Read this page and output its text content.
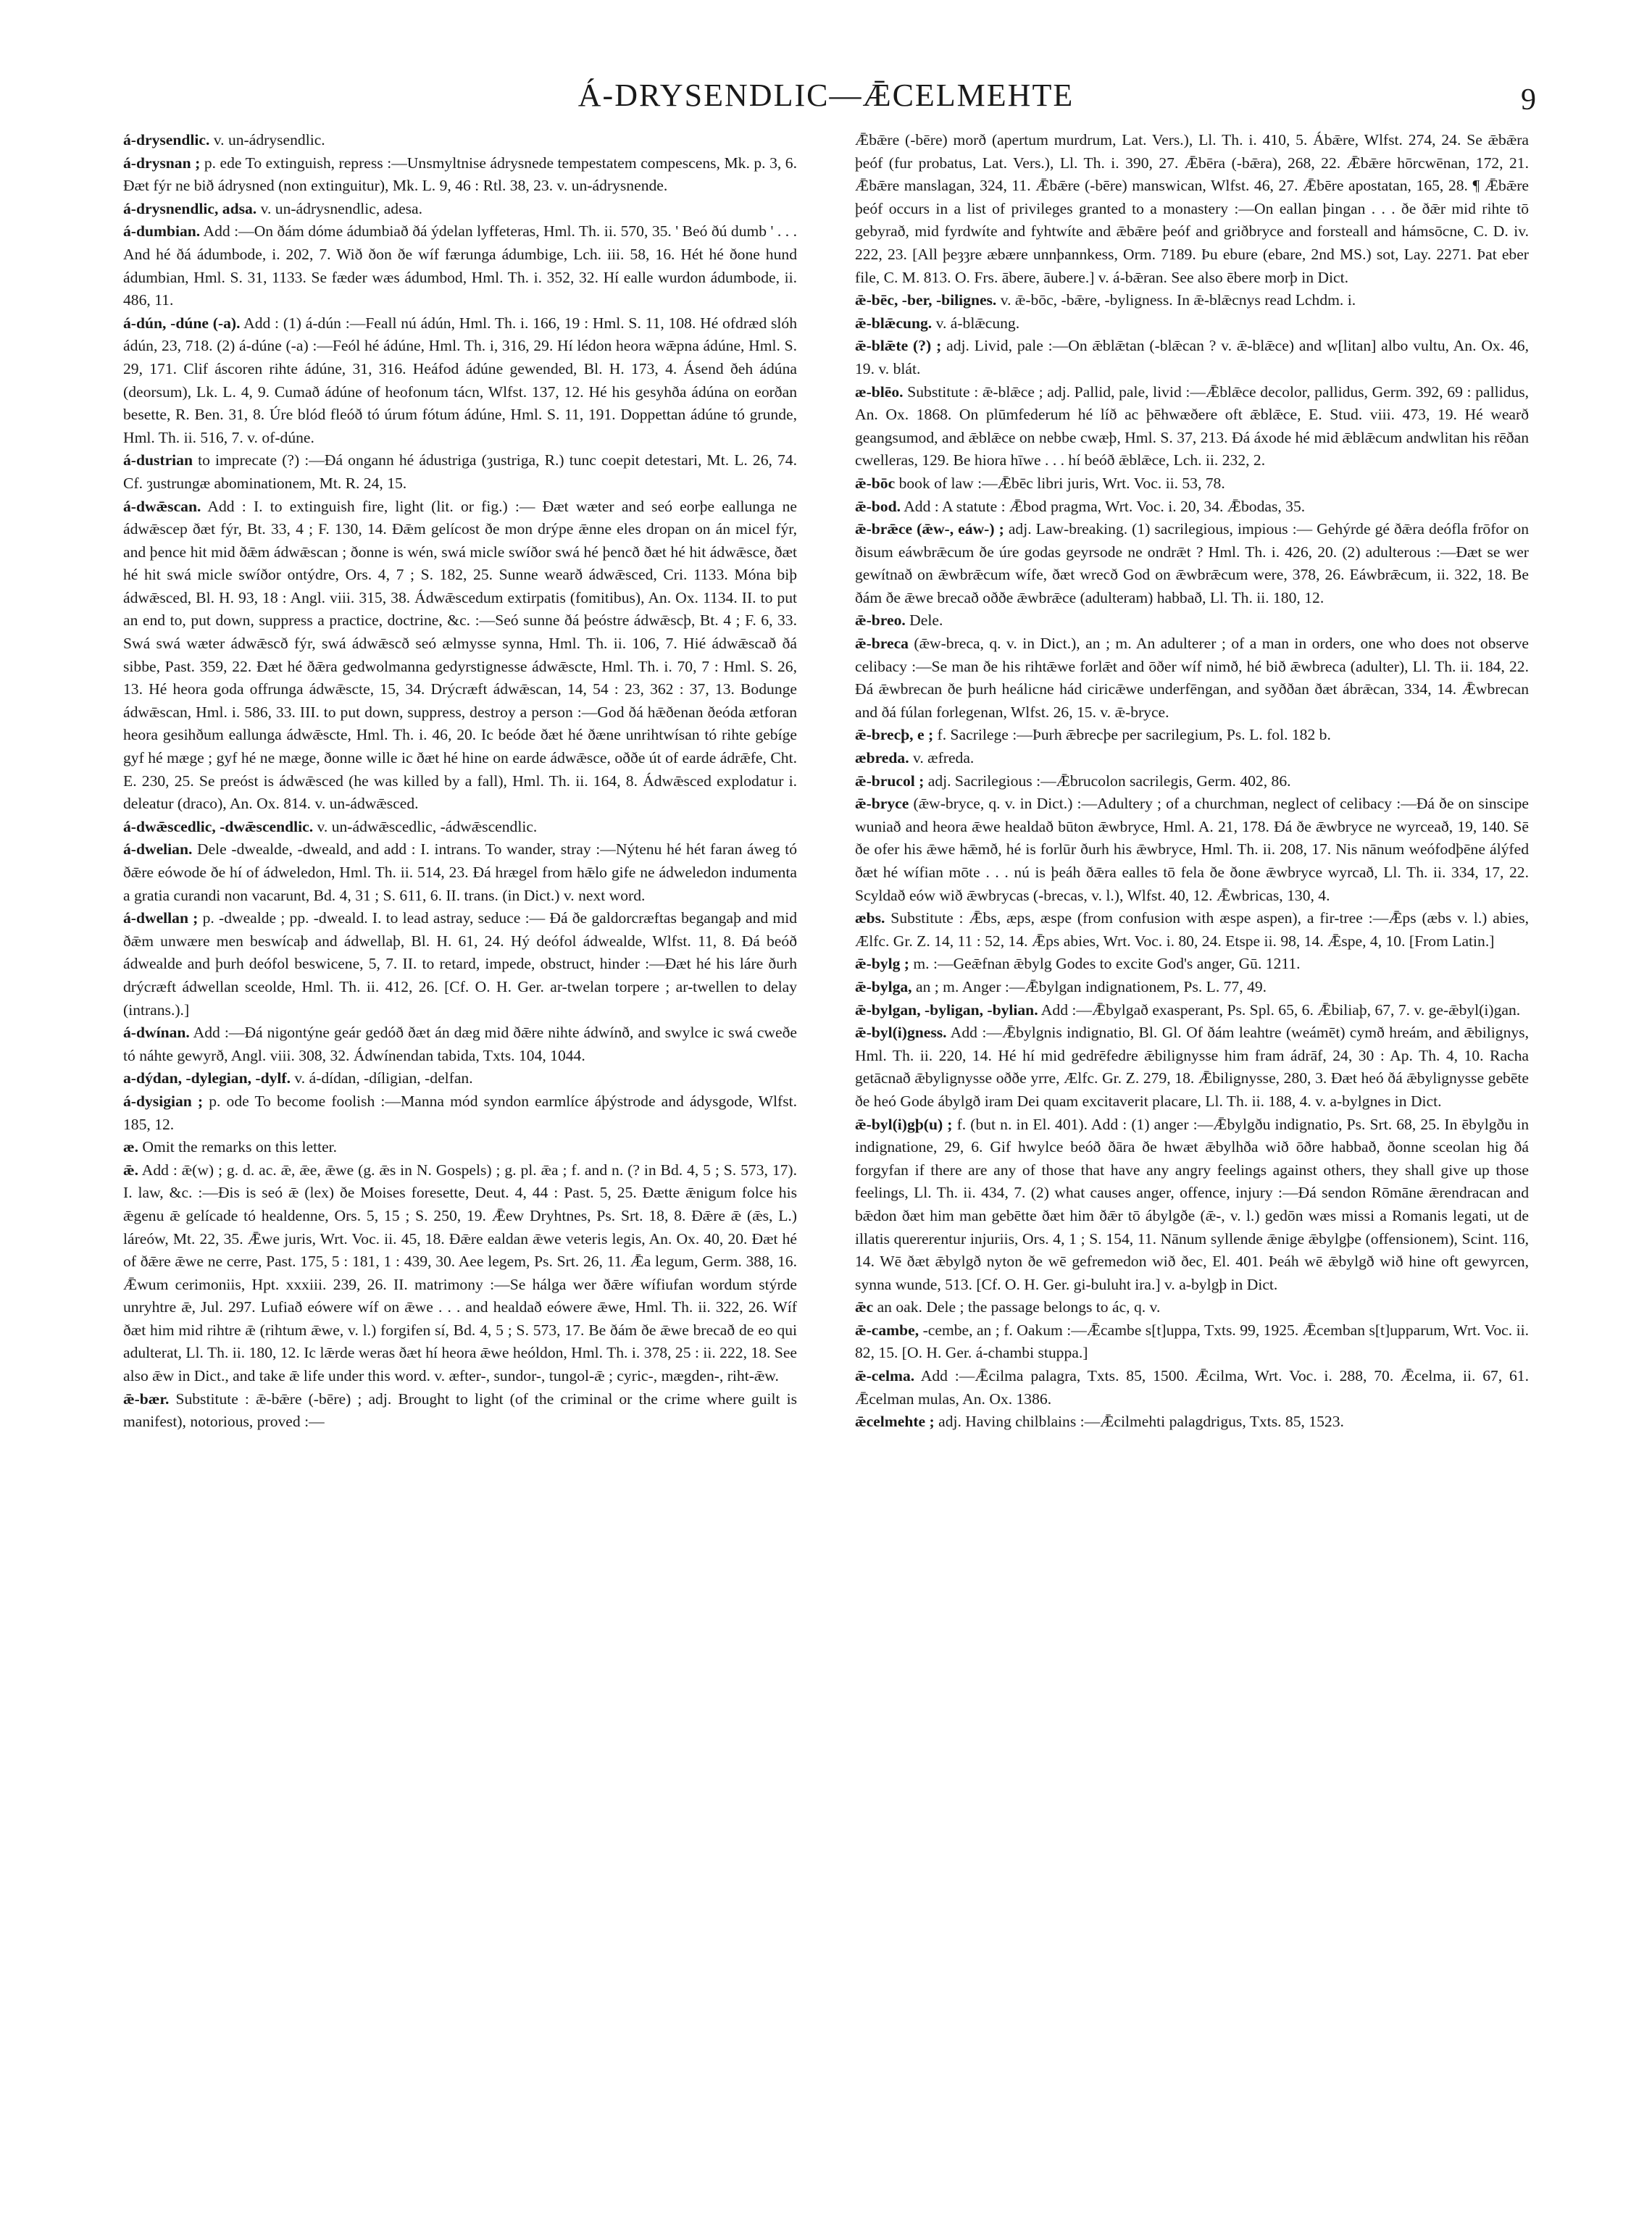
Á-DRYSENDLIC—ǢCELMEHTE	9

á-drysendlic. v. un-ádrysendlic.

á-drysnan ; p. ede To extinguish, repress :—Unsmyltnise ádrysnede tempestatem compescens, Mk. p. 3, 6. Ðæt fýr ne bið ádrysned (non extinguitur), Mk. L. 9, 46 : Rtl. 38, 23. v. un-ádrysnende.

á-drysnendlic, adsa. v. un-ádrysnendlic, adesa.

á-dumbian. Add :—On ðám dóme ádumbiað ðá ýdelan lyffeteras, Hml. Th. ii. 570, 35. ' Beó ðú dumb ' . . . And hé ðá ádumbode, i. 202, 7. Wið ðon ðe wíf færunga ádumbige, Lch. iii. 58, 16. Hét hé ðone hund ádumbian, Hml. S. 31, 1133. Se fæder wæs ádumbod, Hml. Th. i. 352, 32. Hí ealle wurdon ádumbode, ii. 486, 11.

á-dún, -dúne (-a). Add : (1) á-dún :—Feall nú ádún, Hml. Th. i. 166, 19 : Hml. S. 11, 108. Hé ofdræd slóh ádún, 23, 718. (2) á-dúne (-a) :—Feól hé ádúne, Hml. Th. i, 316, 29. Hí lédon heora wǣpna ádúne, Hml. S. 29, 171. Clif áscoren rihte ádúne, 31, 316. Heáfod ádúne gewended, Bl. H. 173, 4. Ásend ðeh ádúna (deorsum), Lk. L. 4, 9. Cumað ádúne of heofonum tácn, Wlfst. 137, 12. Hé his gesyhða ádúna on eorðan besette, R. Ben. 31, 8. Úre blód fleóð tó úrum fótum ádúne, Hml. S. 11, 191. Doppettan ádúne tó grunde, Hml. Th. ii. 516, 7. v. of-dúne.

á-dustrian to imprecate (?) :—Ðá ongann hé ádustriga (ȝustriga, R.) tunc coepit detestari, Mt. L. 26, 74. Cf. ȝustrungæ abominationem, Mt. R. 24, 15.

á-dwǣscan. Add : I. to extinguish fire, light (lit. or fig.) :— Ðæt wæter and seó eorþe eallunga ne ádwǣscep ðæt fýr, Bt. 33, 4 ; F. 130, 14. Ðǣm gelícost ðe mon drýpe ǣnne eles dropan on án micel fýr, and þence hit mid ðǣm ádwǣscan ; ðonne is wén, swá micle swíðor swá hé þencð ðæt hé hit ádwǣsce, ðæt hé hit swá micle swíðor ontýdre, Ors. 4, 7 ; S. 182, 25. Sunne wearð ádwǣsced, Cri. 1133. Móna biþ ádwǣsced, Bl. H. 93, 18 : Angl. viii. 315, 38. Ádwǣscedum extirpatis (fomitibus), An. Ox. 1134. II. to put an end to, put down, suppress a practice, doctrine, &c. :—Seó sunne ðá þeóstre ádwǣscþ, Bt. 4 ; F. 6, 33. Swá swá wæter ádwǣscð fýr, swá ádwǣscð seó ælmysse synna, Hml. Th. ii. 106, 7. Hié ádwǣscað ðá sibbe, Past. 359, 22. Ðæt hé ðǣra gedwolmanna gedyrstignesse ádwǣscte, Hml. Th. i. 70, 7 : Hml. S. 26, 13. Hé heora goda offrunga ádwǣscte, 15, 34. Drýcræft ádwǣscan, 14, 54 : 23, 362 : 37, 13. Bodunge ádwǣscan, Hml. i. 586, 33. III. to put down, suppress, destroy a person :—God ðá hǣðenan ðeóda ætforan heora gesihðum eallunga ádwǣscte, Hml. Th. i. 46, 20. Ic beóde ðæt hé ðæne unrihtwísan tó rihte gebíge gyf hé mæge ; gyf hé ne mæge, ðonne wille ic ðæt hé hine on earde ádwǣsce, oððe út of earde ádrǣfe, Cht. E. 230, 25. Se preóst is ádwǣsced (he was killed by a fall), Hml. Th. ii. 164, 8. Ádwǣsced explodatur i. deleatur (draco), An. Ox. 814. v. un-ádwǣsced.

á-dwǣscedlic, -dwǣscendlic. v. un-ádwǣscedlic, -ádwǣscendlic.

á-dwelian. Dele -dwealde, -dweald, and add : I. intrans. To wander, stray :—Nýtenu hé hét faran áweg tó ðǣre eówode ðe hí of ádweledon, Hml. Th. ii. 514, 23. Ðá hrægel from hǣlo gife ne ádweledon indumenta a gratia curandi non vacarunt, Bd. 4, 31 ; S. 611, 6. II. trans. (in Dict.) v. next word.

á-dwellan ; p. -dwealde ; pp. -dweald. I. to lead astray, seduce :— Ðá ðe galdorcræftas begangaþ and mid ðǣm unwære men beswícaþ and ádwellaþ, Bl. H. 61, 24. Hý deófol ádwealde, Wlfst. 11, 8. Ðá beóð ádwealde and þurh deófol beswicene, 5, 7. II. to retard, impede, obstruct, hinder :—Ðæt hé his láre ðurh drýcræft ádwellan sceolde, Hml. Th. ii. 412, 26. [Cf. O. H. Ger. ar-twelan torpere ; ar-twellen to delay (intrans.).]

á-dwínan. Add :—Ðá nigontýne geár gedóð ðæt án dæg mid ðǣre nihte ádwínð, and swylce ic swá cweðe tó náhte gewyrð, Angl. viii. 308, 32. Ádwínendan tabida, Txts. 104, 1044.

a-dýdan, -dylegian, -dylf. v. á-dídan, -díligian, -delfan.

á-dysigian ; p. ode To become foolish :—Manna mód syndon earmlíce áþýstrode and ádysgode, Wlfst. 185, 12.

æ. Omit the remarks on this letter.

ǣ. Add : ǣ(w) ; g. d. ac. ǣ, ǣe, ǣwe (g. ǣs in N. Gospels) ; g. pl. ǣa ; f. and n. (? in Bd. 4, 5 ; S. 573, 17). I. law, &c. :—Ðis is seó ǣ (lex) ðe Moises foresette, Deut. 4, 44 : Past. 5, 25. Ðætte ǣnigum folce his ǣgenu ǣ gelícade tó healdenne, Ors. 5, 15 ; S. 250, 19. Ǣew Dryhtnes, Ps. Srt. 18, 8. Ðǣre ǣ (ǣs, L.) láreów, Mt. 22, 35. Ǣwe juris, Wrt. Voc. ii. 45, 18. Ðǣre ealdan ǣwe veteris legis, An. Ox. 40, 20. Ðæt hé of ðǣre ǣwe ne cerre, Past. 175, 5 : 181, 1 : 439, 30. Aee legem, Ps. Srt. 26, 11. Ǣa legum, Germ. 388, 16. Ǣwum cerimoniis, Hpt. xxxiii. 239, 26. II. matrimony :—Se hálga wer ðǣre wífiufan wordum stýrde unryhtre ǣ, Jul. 297. Lufiað eówere wíf on ǣwe . . . and healdað eówere ǣwe, Hml. Th. ii. 322, 26. Wíf ðæt him mid rihtre ǣ (rihtum ǣwe, v. l.) forgifen sí, Bd. 4, 5 ; S. 573, 17. Be ðám ðe ǣwe brecað de eo qui adulterat, Ll. Th. ii. 180, 12. Ic lǣrde weras ðæt hí heora ǣwe heóldon, Hml. Th. i. 378, 25 : ii. 222, 18. See also ǣw in Dict., and take ǣ life under this word. v. æfter-, sundor-, tungol-ǣ ; cyric-, mægden-, riht-ǣw.

ǣ-bær. Substitute : ǣ-bǣre (-bēre) ; adj. Brought to light (of the criminal or the crime where guilt is manifest), notorious, proved :—

Ǣbǣre (-bēre) morð (apertum murdrum, Lat. Vers.), Ll. Th. i. 410, 5. Ábǣre, Wlfst. 274, 24. Se ǣbǣra þeóf (fur probatus, Lat. Vers.), Ll. Th. i. 390, 27. Ǣbēra (-bǣra), 268, 22. Ǣbǣre hōrcwēnan, 172, 21. Ǣbǣre manslagan, 324, 11. Ǣbǣre (-bēre) manswican, Wlfst. 46, 27. Ǣbēre apostatan, 165, 28. ¶ Ǣbǣre þeóf occurs in a list of privileges granted to a monastery :—On eallan þingan . . . ðe ðǣr mid rihte tō gebyrað, mid fyrdwíte and fyhtwíte and ǣbǣre þeóf and griðbryce and forsteall and hámsōcne, C. D. iv. 222, 23. [All þeȝȝre æbære unnþannkess, Orm. 7189. Þu ebure (ebare, 2nd MS.) sot, Lay. 2271. Þat eber file, C. M. 813. O. Frs. ābere, āubere.] v. á-bǣran. See also ēbere morþ in Dict.

ǣ-bēc, -ber, -bilignes. v. ǣ-bōc, -bǣre, -byligness. In ǣ-blǣcnys read Lchdm. i.

ǣ-blǣcung. v. á-blǣcung.

ǣ-blǣte (?) ; adj. Livid, pale :—On ǣblǣtan (-blǣcan ? v. ǣ-blǣce) and w[litan] albo vultu, An. Ox. 46, 19. v. blát.

æ-blēo. Substitute : ǣ-blǣce ; adj. Pallid, pale, livid :—Ǣblǣce decolor, pallidus, Germ. 392, 69 : pallidus, An. Ox. 1868. On plūmfederum hé líð ac þēhwæðere oft ǣblǣce, E. Stud. viii. 473, 19. Hé wearð geangsumod, and ǣblǣce on nebbe cwæþ, Hml. S. 37, 213. Ðá áxode hé mid ǣblǣcum andwlitan his rēðan cwelleras, 129. Be hiora hīwe . . . hí beóð ǣblǣce, Lch. ii. 232, 2.

ǣ-bōc book of law :—Ǣbēc libri juris, Wrt. Voc. ii. 53, 78.

ǣ-bod. Add : A statute : Ǣbod pragma, Wrt. Voc. i. 20, 34. Ǣbodas, 35.

ǣ-brǣce (ǣw-, eáw-) ; adj. Law-breaking. (1) sacrilegious, impious :— Gehýrde gé ðǣra deófla frōfor on ðisum eáwbrǣcum ðe úre godas geyrsode ne ondrǣt ? Hml. Th. i. 426, 20. (2) adulterous :—Ðæt se wer gewítnað on ǣwbrǣcum wífe, ðæt wrecð God on ǣwbrǣcum were, 378, 26. Eáwbrǣcum, ii. 322, 18. Be ðám ðe ǣwe brecað oððe ǣwbrǣce (adulteram) habbað, Ll. Th. ii. 180, 12.

ǣ-breo. Dele.

ǣ-breca (ǣw-breca, q. v. in Dict.), an ; m. An adulterer ; of a man in orders, one who does not observe celibacy :—Se man ðe his rihtǣwe forlǣt and ōðer wíf nimð, hé bið ǣwbreca (adulter), Ll. Th. ii. 184, 22. Ðá ǣwbrecan ðe þurh heálicne hád ciricǣwe underfēngan, and syððan ðæt ábrǣcan, 334, 14. Ǣwbrecan and ðá fúlan forlegenan, Wlfst. 26, 15. v. ǣ-bryce.

ǣ-brecþ, e ; f. Sacrilege :—Þurh ǣbrecþe per sacrilegium, Ps. L. fol. 182 b.

æbreda. v. æfreda.

ǣ-brucol ; adj. Sacrilegious :—Ǣbrucolon sacrilegis, Germ. 402, 86.

ǣ-bryce (ǣw-bryce, q. v. in Dict.) :—Adultery ; of a churchman, neglect of celibacy :—Ðá ðe on sinscipe wuniað and heora ǣwe healdað būton ǣwbryce, Hml. A. 21, 178. Ðá ðe ǣwbryce ne wyrceað, 19, 140. Sē ðe ofer his ǣwe hǣmð, hé is forlūr ðurh his ǣwbryce, Hml. Th. ii. 208, 17. Nis nānum weófodþēne álýfed ðæt hé wífian mōte . . . nú is þeáh ðǣra ealles tō fela ðe ðone ǣwbryce wyrcað, Ll. Th. ii. 334, 17, 22. Scyldað eów wið ǣwbrycas (-brecas, v. l.), Wlfst. 40, 12. Ǣwbricas, 130, 4.

æbs. Substitute : Ǣbs, æps, æspe (from confusion with æspe aspen), a fir-tree :—Ǣps (æbs v. l.) abies, Ælfc. Gr. Z. 14, 11 : 52, 14. Ǣps abies, Wrt. Voc. i. 80, 24. Etspe ii. 98, 14. Ǣspe, 4, 10. [From Latin.]

ǣ-bylg ; m. :—Geǣfnan ǣbylg Godes to excite God's anger, Gū. 1211.

ǣ-bylga, an ; m. Anger :—Ǣbylgan indignationem, Ps. L. 77, 49.

ǣ-bylgan, -byligan, -bylian. Add :—Ǣbylgað exasperant, Ps. Spl. 65, 6. Ǣbiliaþ, 67, 7. v. ge-ǣbyl(i)gan.

ǣ-byl(i)gness. Add :—Ǣbylgnis indignatio, Bl. Gl. Of ðám leahtre (weámēt) cymð hreám, and ǣbilignys, Hml. Th. ii. 220, 14. Hé hí mid gedrēfedre ǣbilignysse him fram ádrāf, 24, 30 : Ap. Th. 4, 10. Racha getācnað ǣbylignysse oððe yrre, Ælfc. Gr. Z. 279, 18. Ǣbilignysse, 280, 3. Ðæt heó ðá ǣbylignysse gebēte ðe heó Gode ábylgð iram Dei quam excitaverit placare, Ll. Th. ii. 188, 4. v. a-bylgnes in Dict.

ǣ-byl(i)gþ(u) ; f. (but n. in El. 401). Add : (1) anger :—Ǣbylgðu indignatio, Ps. Srt. 68, 25. In ēbylgðu in indignatione, 29, 6. Gif hwylce beóð ðāra ðe hwæt ǣbylhða wið ōðre habbað, ðonne sceolan hig ðá forgyfan if there are any of those that have any angry feelings against others, they shall give up those feelings, Ll. Th. ii. 434, 7. (2) what causes anger, offence, injury :—Ðá sendon Rōmāne ǣrendracan and bǣdon ðæt him man gebētte ðæt him ðǣr tō ábylgðe (ǣ-, v. l.) gedōn wæs missi a Romanis legati, ut de illatis quererentur injuriis, Ors. 4, 1 ; S. 154, 11. Nānum syllende ǣnige ǣbylgþe (offensionem), Scint. 116, 14. Wē ðæt ǣbylgð nyton ðe wē gefremedon wið ðec, El. 401. Þeáh wē ǣbylgð wið hine oft gewyrcen, synna wunde, 513. [Cf. O. H. Ger. gi-buluht ira.] v. a-bylgþ in Dict.

ǣc an oak. Dele ; the passage belongs to ác, q. v.

ǣ-cambe, -cembe, an ; f. Oakum :—Ǣcambe s[t]uppa, Txts. 99, 1925. Ǣcemban s[t]upparum, Wrt. Voc. ii. 82, 15. [O. H. Ger. á-chambi stuppa.]

ǣ-celma. Add :—Ǣcilma palagra, Txts. 85, 1500. Ǣcilma, Wrt. Voc. i. 288, 70. Ǣcelma, ii. 67, 61. Ǣcelman mulas, An. Ox. 1386.

ǣcelmehte ; adj. Having chilblains :—Ǣcilmehti palagdrigus, Txts. 85, 1523.
